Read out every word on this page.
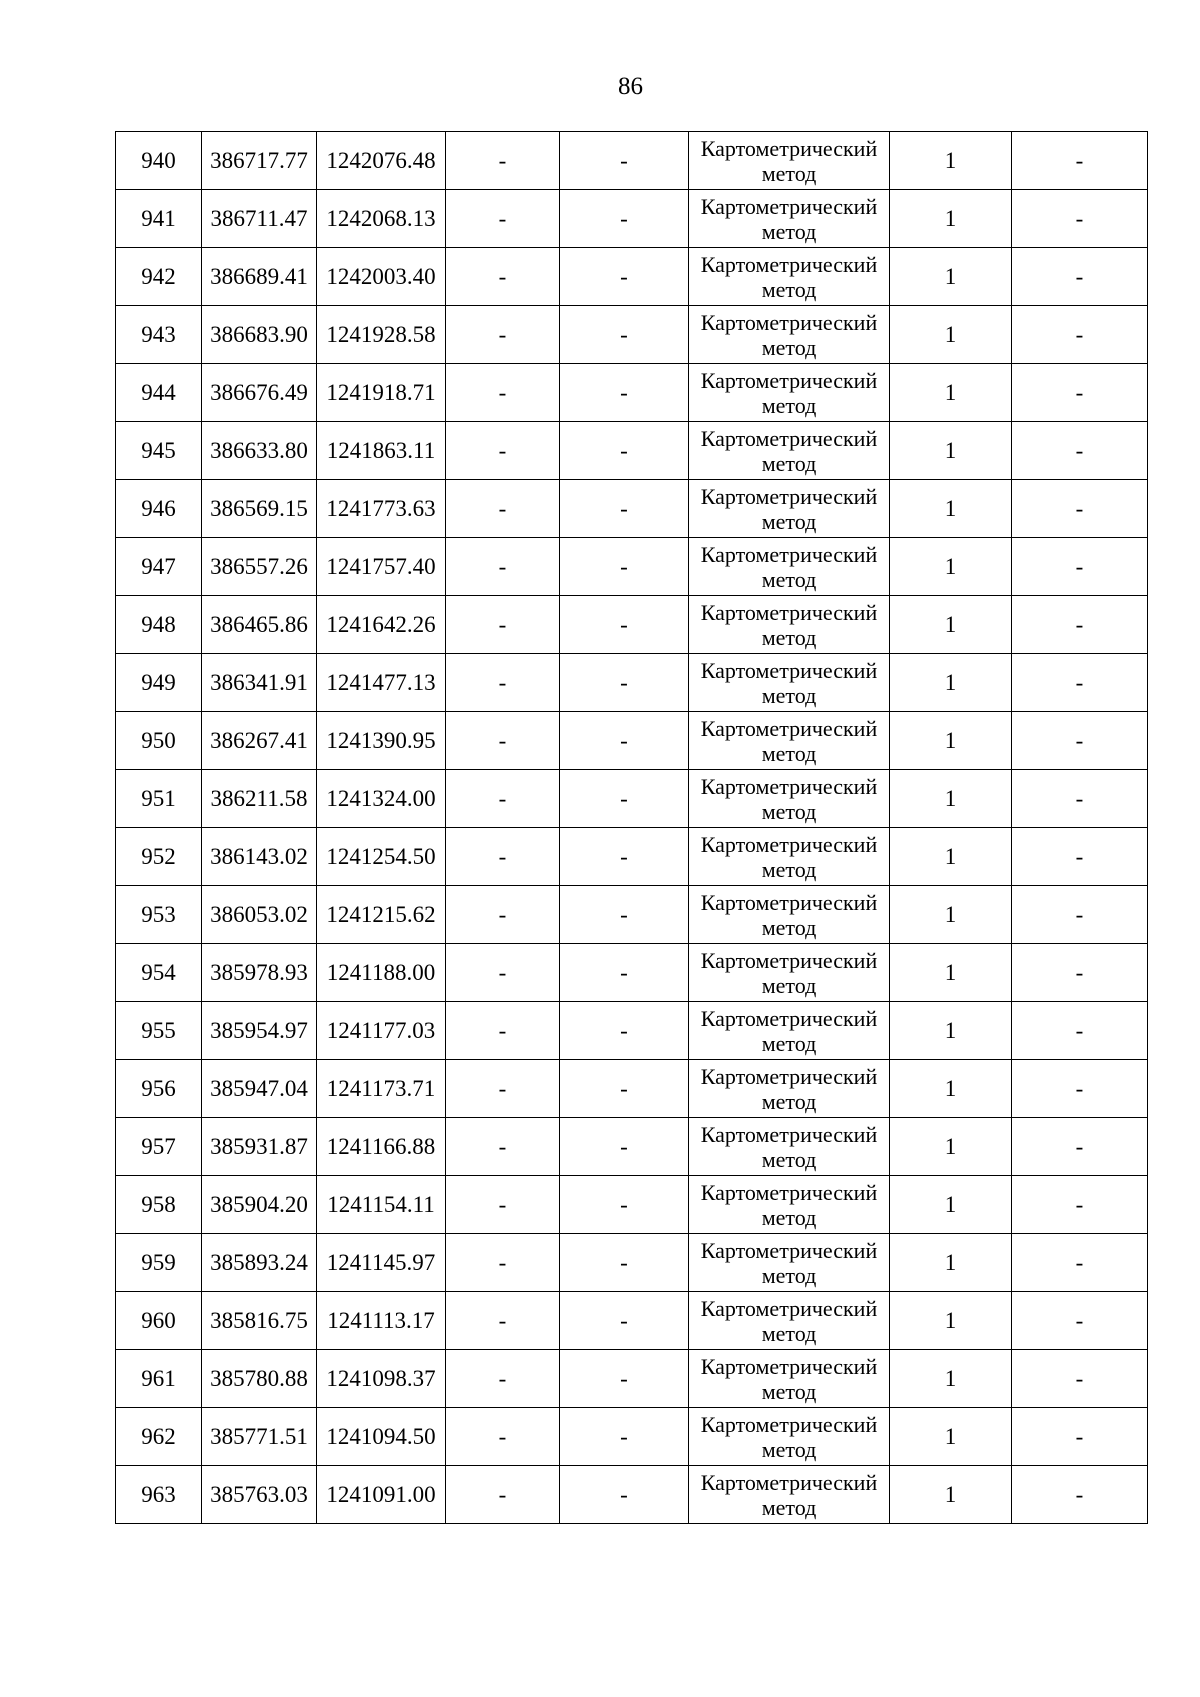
86
940	386717.77	1242076.48	-	-	Картометрический метод	1	-
941	386711.47	1242068.13	-	-	Картометрический метод	1	-
942	386689.41	1242003.40	-	-	Картометрический метод	1	-
943	386683.90	1241928.58	-	-	Картометрический метод	1	-
944	386676.49	1241918.71	-	-	Картометрический метод	1	-
945	386633.80	1241863.11	-	-	Картометрический метод	1	-
946	386569.15	1241773.63	-	-	Картометрический метод	1	-
947	386557.26	1241757.40	-	-	Картометрический метод	1	-
948	386465.86	1241642.26	-	-	Картометрический метод	1	-
949	386341.91	1241477.13	-	-	Картометрический метод	1	-
950	386267.41	1241390.95	-	-	Картометрический метод	1	-
951	386211.58	1241324.00	-	-	Картометрический метод	1	-
952	386143.02	1241254.50	-	-	Картометрический метод	1	-
953	386053.02	1241215.62	-	-	Картометрический метод	1	-
954	385978.93	1241188.00	-	-	Картометрический метод	1	-
955	385954.97	1241177.03	-	-	Картометрический метод	1	-
956	385947.04	1241173.71	-	-	Картометрический метод	1	-
957	385931.87	1241166.88	-	-	Картометрический метод	1	-
958	385904.20	1241154.11	-	-	Картометрический метод	1	-
959	385893.24	1241145.97	-	-	Картометрический метод	1	-
960	385816.75	1241113.17	-	-	Картометрический метод	1	-
961	385780.88	1241098.37	-	-	Картометрический метод	1	-
962	385771.51	1241094.50	-	-	Картометрический метод	1	-
963	385763.03	1241091.00	-	-	Картометрический метод	1	-
